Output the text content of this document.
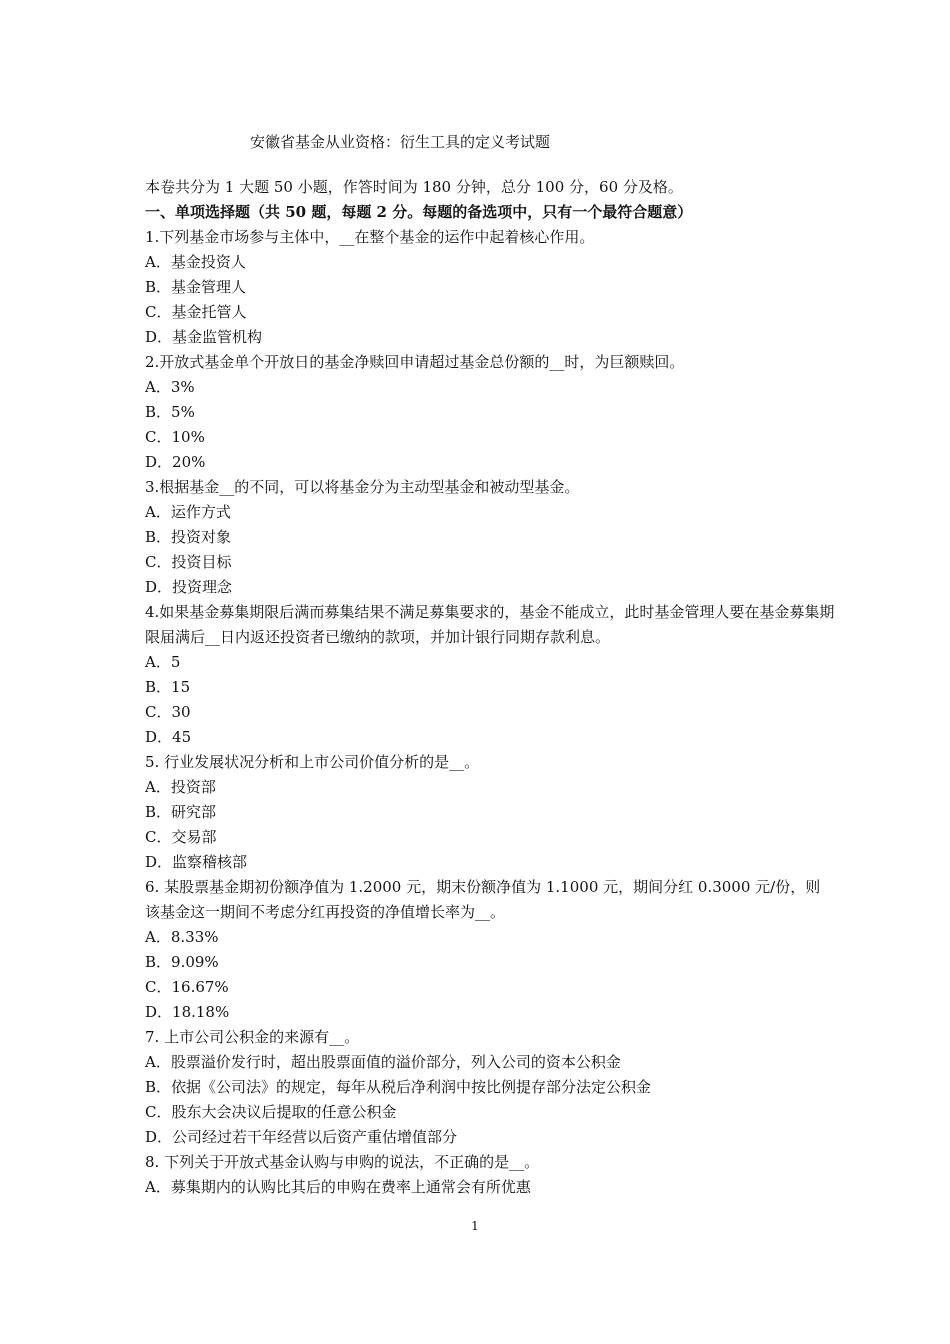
安徽省基金从业资格：衍生工具的定义考试题
本卷共分为 1 大题 50 小题，作答时间为 180 分钟，总分 100 分，60 分及格。
一、单项选择题（共 50 题，每题 2 分。每题的备选项中，只有一个最符合题意）
1.下列基金市场参与主体中，__在整个基金的运作中起着核心作用。
A．基金投资人
B．基金管理人
C．基金托管人
D．基金监管机构
2.开放式基金单个开放日的基金净赎回申请超过基金总份额的__时，为巨额赎回。
A．3%
B．5%
C．10%
D．20%
3.根据基金__的不同，可以将基金分为主动型基金和被动型基金。
A．运作方式
B．投资对象
C．投资目标
D．投资理念
4.如果基金募集期限后满而募集结果不满足募集要求的，基金不能成立，此时基金管理人要在基金募集期限届满后__日内返还投资者已缴纳的款项，并加计银行同期存款利息。
A．5
B．15
C．30
D．45
5. 行业发展状况分析和上市公司价值分析的是__。
A．投资部
B．研究部
C．交易部
D．监察稽核部
6. 某股票基金期初份额净值为 1.2000 元，期末份额净值为 1.1000 元，期间分红 0.3000 元/份，则该基金这一期间不考虑分红再投资的净值增长率为__。
A．8.33%
B．9.09%
C．16.67%
D．18.18%
7. 上市公司公积金的来源有__。
A．股票溢价发行时，超出股票面值的溢价部分，列入公司的资本公积金
B．依据《公司法》的规定，每年从税后净利润中按比例提存部分法定公积金
C．股东大会决议后提取的任意公积金
D．公司经过若干年经营以后资产重估增值部分
8. 下列关于开放式基金认购与申购的说法，不正确的是__。
A．募集期内的认购比其后的申购在费率上通常会有所优惠
1
